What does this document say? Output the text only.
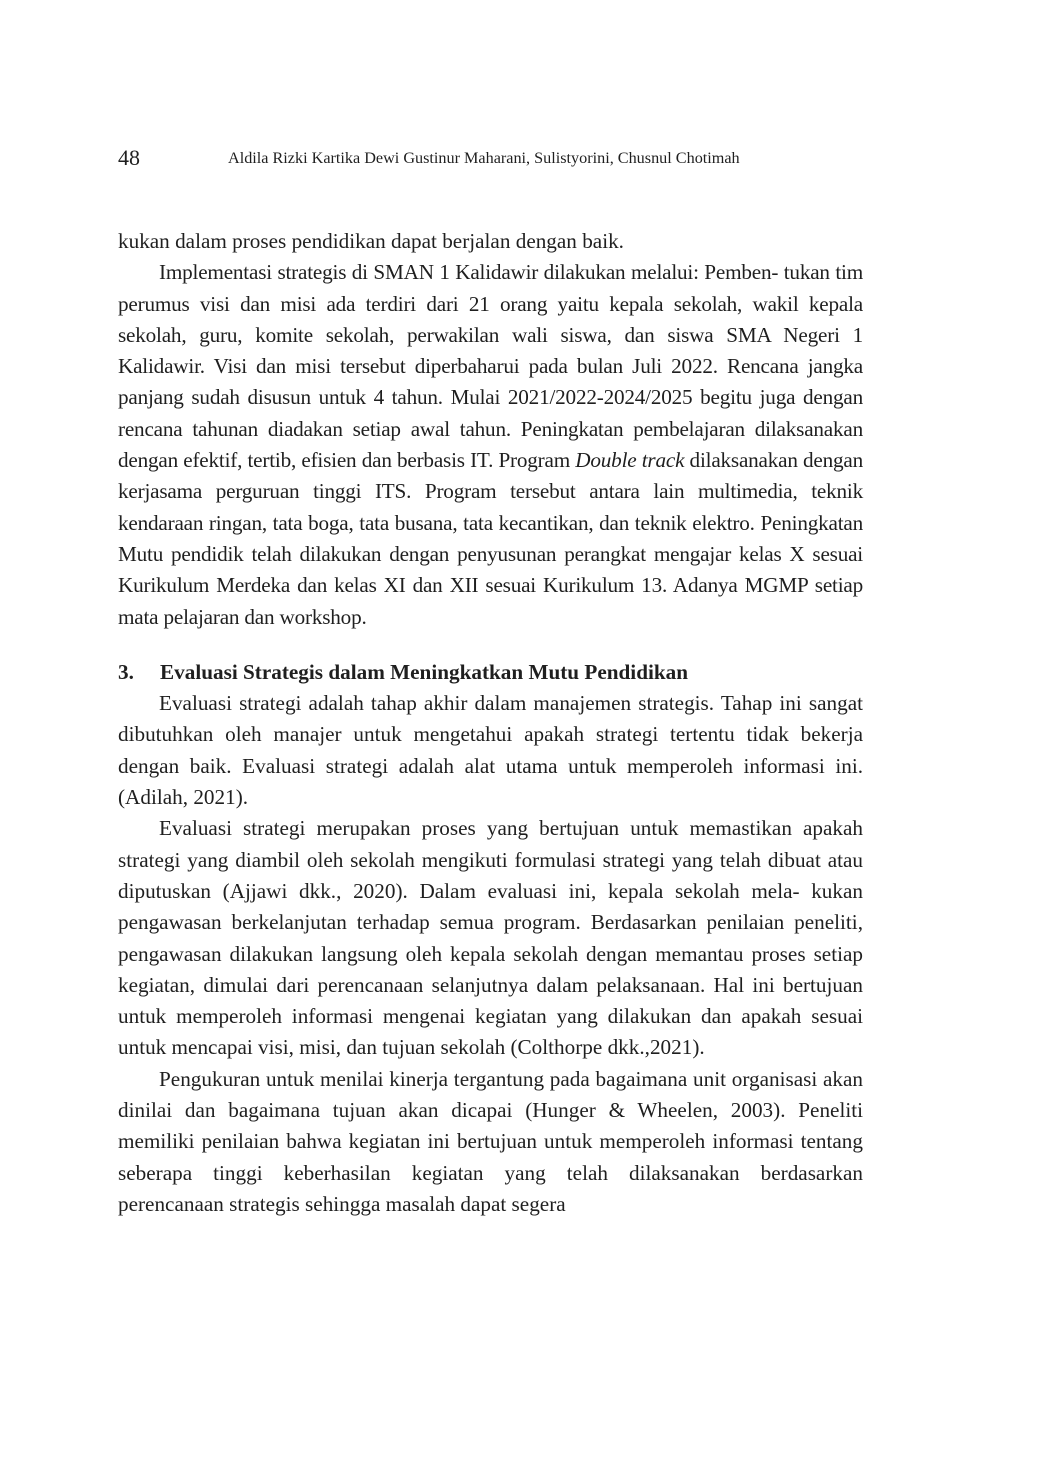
48	Aldila Rizki Kartika Dewi Gustinur Maharani, Sulistyorini, Chusnul Chotimah

kukan dalam proses pendidikan dapat berjalan dengan baik.

Implementasi strategis di SMAN 1 Kalidawir dilakukan melalui: Pemben- tukan tim perumus visi dan misi ada terdiri dari 21 orang yaitu kepala sekolah, wakil kepala sekolah, guru, komite sekolah, perwakilan wali siswa, dan siswa SMA Negeri 1 Kalidawir. Visi dan misi tersebut diperbaharui pada bulan Juli 2022. Rencana jangka panjang sudah disusun untuk 4 tahun. Mulai 2021/2022-2024/2025 begitu juga dengan rencana tahunan diadakan setiap awal tahun. Peningkatan pembelajaran dilaksanakan dengan efektif, tertib, efisien dan berbasis IT. Program Double track dilaksanakan dengan kerjasama perguruan tinggi ITS. Program tersebut antara lain multimedia, teknik kendaraan ringan, tata boga, tata busana, tata kecantikan, dan teknik elektro. Peningkatan Mutu pendidik telah dilakukan dengan penyusunan perangkat mengajar kelas X sesuai Kurikulum Merdeka dan kelas XI dan XII sesuai Kurikulum 13. Adanya MGMP setiap mata pelajaran dan workshop.

3. Evaluasi Strategis dalam Meningkatkan Mutu Pendidikan

Evaluasi strategi adalah tahap akhir dalam manajemen strategis. Tahap ini sangat dibutuhkan oleh manajer untuk mengetahui apakah strategi tertentu tidak bekerja dengan baik. Evaluasi strategi adalah alat utama untuk memperoleh informasi ini. (Adilah, 2021).

Evaluasi strategi merupakan proses yang bertujuan untuk memastikan apakah strategi yang diambil oleh sekolah mengikuti formulasi strategi yang telah dibuat atau diputuskan (Ajjawi dkk., 2020). Dalam evaluasi ini, kepala sekolah mela- kukan pengawasan berkelanjutan terhadap semua program. Berdasarkan penilaian peneliti, pengawasan dilakukan langsung oleh kepala sekolah dengan memantau proses setiap kegiatan, dimulai dari perencanaan selanjutnya dalam pelaksanaan. Hal ini bertujuan untuk memperoleh informasi mengenai kegiatan yang dilakukan dan apakah sesuai untuk mencapai visi, misi, dan tujuan sekolah (Colthorpe dkk.,2021).

Pengukuran untuk menilai kinerja tergantung pada bagaimana unit organisasi akan dinilai dan bagaimana tujuan akan dicapai (Hunger & Wheelen, 2003). Peneliti memiliki penilaian bahwa kegiatan ini bertujuan untuk memperoleh informasi tentang seberapa tinggi keberhasilan kegiatan yang telah dilaksanakan berdasarkan perencanaan strategis sehingga masalah dapat segera
